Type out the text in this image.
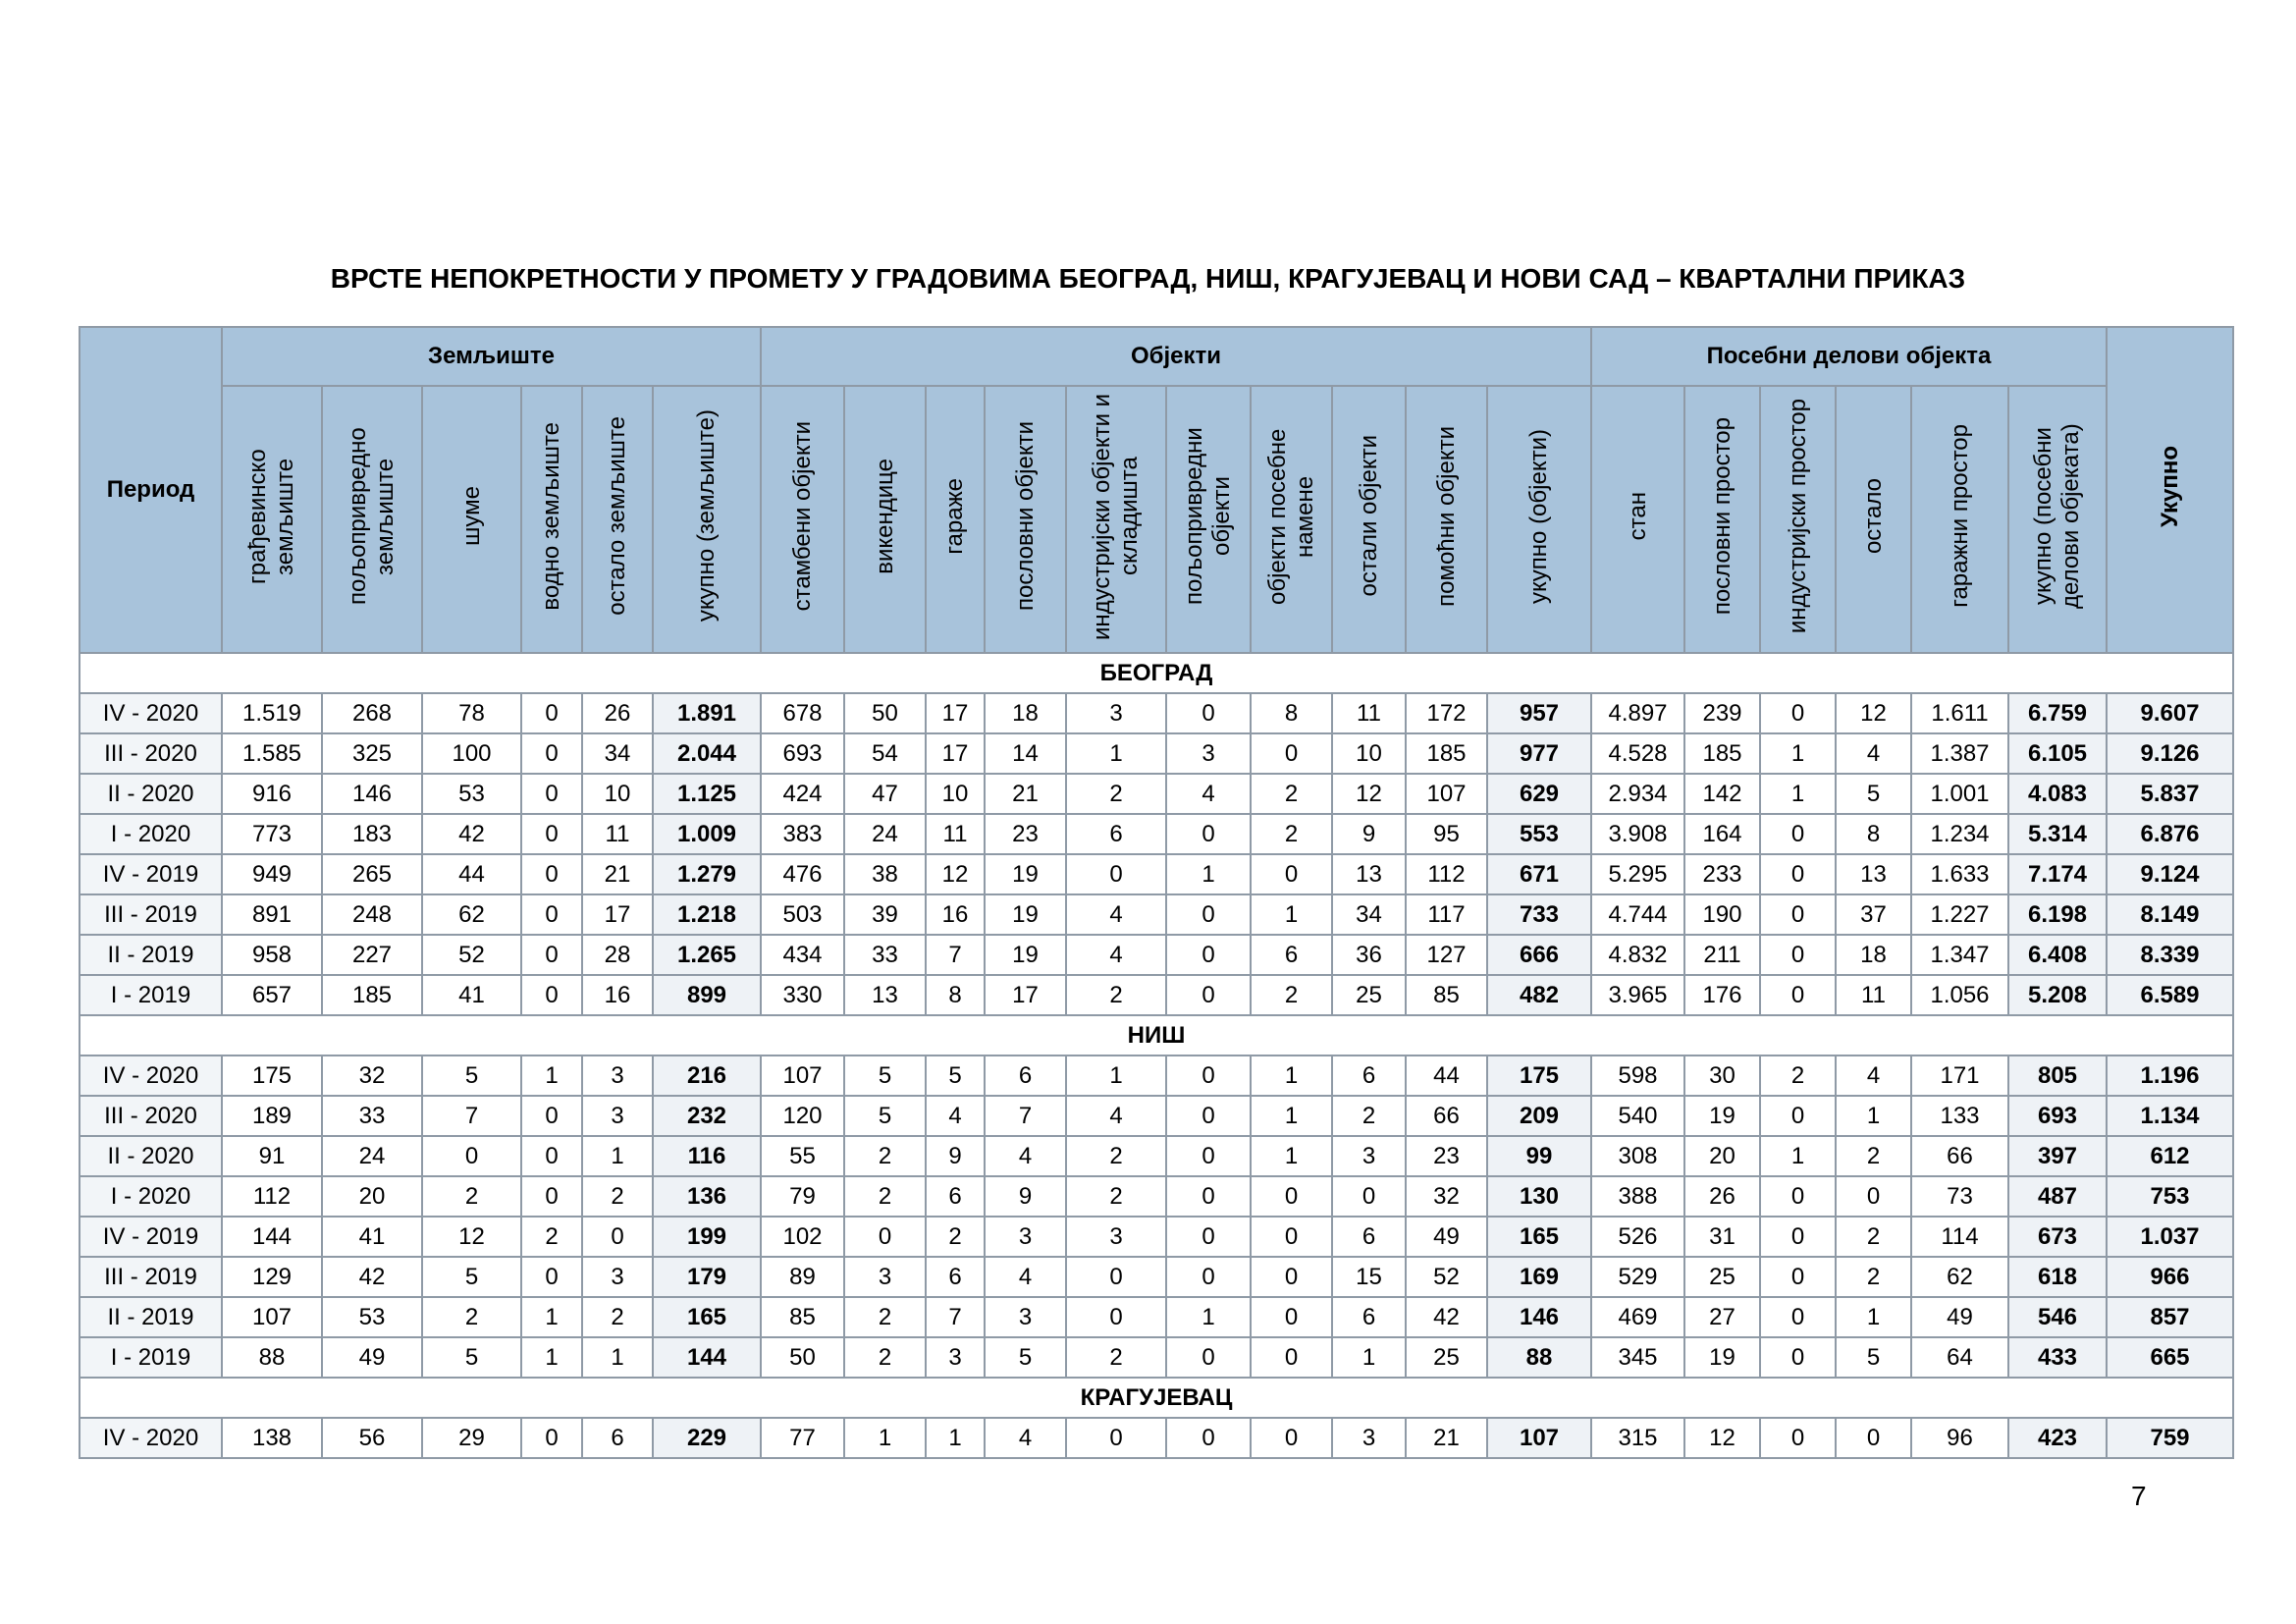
ВРСТЕ НЕПОКРЕТНОСТИ У ПРОМЕТУ У ГРАДОВИМА БЕОГРАД, НИШ, КРАГУЈЕВАЦ И НОВИ САД – КВАРТАЛНИ ПРИКАЗ
Период	Земљиште						Објекти										Посебни делови објекта						Укупно
	грађевинско земљиште	пољопривредно земљиште	шуме	водно земљиште	остало земљиште	укупно (земљиште)	стамбени објекти	викендице	гараже	пословни објекти	индустријски објекти и складишта	пољопривредни објекти	објекти посебне намене	остали објекти	помоћни објекти	укупно (објекти)	стан	пословни простор	индустријски простор	остало	гаражни простор	укупно (посебни делови објеката)	
БЕОГРАД																							
IV - 2020	1.519	268	78	0	26	1.891	678	50	17	18	3	0	8	11	172	957	4.897	239	0	12	1.611	6.759	9.607
III - 2020	1.585	325	100	0	34	2.044	693	54	17	14	1	3	0	10	185	977	4.528	185	1	4	1.387	6.105	9.126
II - 2020	916	146	53	0	10	1.125	424	47	10	21	2	4	2	12	107	629	2.934	142	1	5	1.001	4.083	5.837
I - 2020	773	183	42	0	11	1.009	383	24	11	23	6	0	2	9	95	553	3.908	164	0	8	1.234	5.314	6.876
IV - 2019	949	265	44	0	21	1.279	476	38	12	19	0	1	0	13	112	671	5.295	233	0	13	1.633	7.174	9.124
III - 2019	891	248	62	0	17	1.218	503	39	16	19	4	0	1	34	117	733	4.744	190	0	37	1.227	6.198	8.149
II - 2019	958	227	52	0	28	1.265	434	33	7	19	4	0	6	36	127	666	4.832	211	0	18	1.347	6.408	8.339
I - 2019	657	185	41	0	16	899	330	13	8	17	2	0	2	25	85	482	3.965	176	0	11	1.056	5.208	6.589
НИШ																							
IV - 2020	175	32	5	1	3	216	107	5	5	6	1	0	1	6	44	175	598	30	2	4	171	805	1.196
III - 2020	189	33	7	0	3	232	120	5	4	7	4	0	1	2	66	209	540	19	0	1	133	693	1.134
II - 2020	91	24	0	0	1	116	55	2	9	4	2	0	1	3	23	99	308	20	1	2	66	397	612
I - 2020	112	20	2	0	2	136	79	2	6	9	2	0	0	0	32	130	388	26	0	0	73	487	753
IV - 2019	144	41	12	2	0	199	102	0	2	3	3	0	0	6	49	165	526	31	0	2	114	673	1.037
III - 2019	129	42	5	0	3	179	89	3	6	4	0	0	0	15	52	169	529	25	0	2	62	618	966
II - 2019	107	53	2	1	2	165	85	2	7	3	0	1	0	6	42	146	469	27	0	1	49	546	857
I - 2019	88	49	5	1	1	144	50	2	3	5	2	0	0	1	25	88	345	19	0	5	64	433	665
КРАГУЈЕВАЦ																							
IV - 2020	138	56	29	0	6	229	77	1	1	4	0	0	0	3	21	107	315	12	0	0	96	423	759
7
